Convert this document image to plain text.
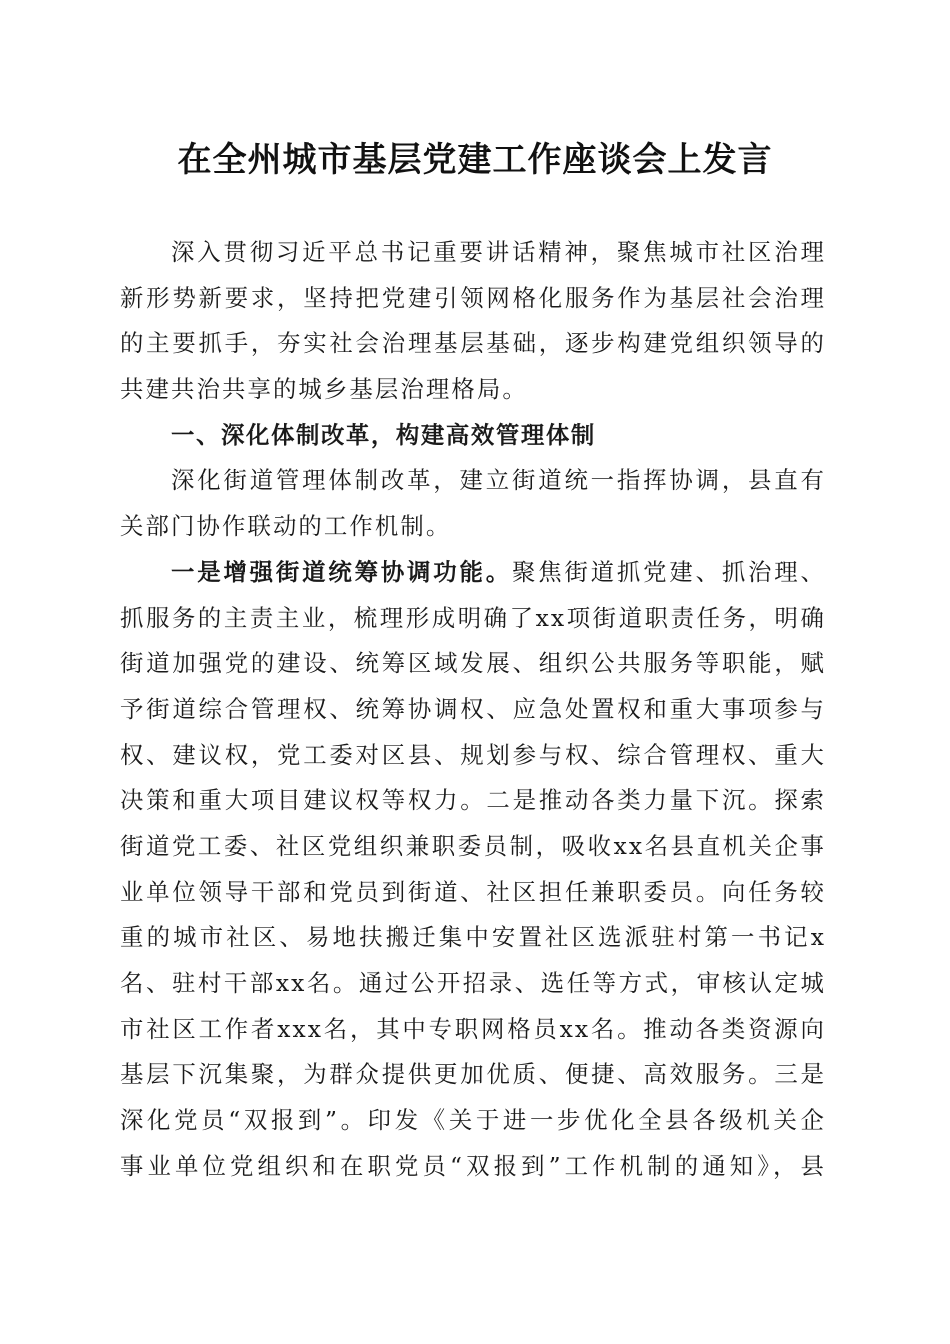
在全州城市基层党建工作座谈会上发言
深入贯彻习近平总书记重要讲话精神，聚焦城市社区治理
新形势新要求，坚持把党建引领网格化服务作为基层社会治理
的主要抓手，夯实社会治理基层基础，逐步构建党组织领导的
共建共治共享的城乡基层治理格局。
一、深化体制改革，构建高效管理体制
深化街道管理体制改革，建立街道统一指挥协调，县直有
关部门协作联动的工作机制。
一是增强街道统筹协调功能。聚焦街道抓党建、抓治理、
抓服务的主责主业，梳理形成明确了xx项街道职责任务，明确
街道加强党的建设、统筹区域发展、组织公共服务等职能，赋
予街道综合管理权、统筹协调权、应急处置权和重大事项参与
权、建议权，党工委对区县、规划参与权、综合管理权、重大
决策和重大项目建议权等权力。二是推动各类力量下沉。探索
街道党工委、社区党组织兼职委员制，吸收xx名县直机关企事
业单位领导干部和党员到街道、社区担任兼职委员。向任务较
重的城市社区、易地扶搬迁集中安置社区选派驻村第一书记x
名、驻村干部xx名。通过公开招录、选任等方式，审核认定城
市社区工作者xxx名，其中专职网格员xx名。推动各类资源向
基层下沉集聚，为群众提供更加优质、便捷、高效服务。三是
深化党员“双报到”。印发《关于进一步优化全县各级机关企
事业单位党组织和在职党员“双报到”工作机制的通知》，县
